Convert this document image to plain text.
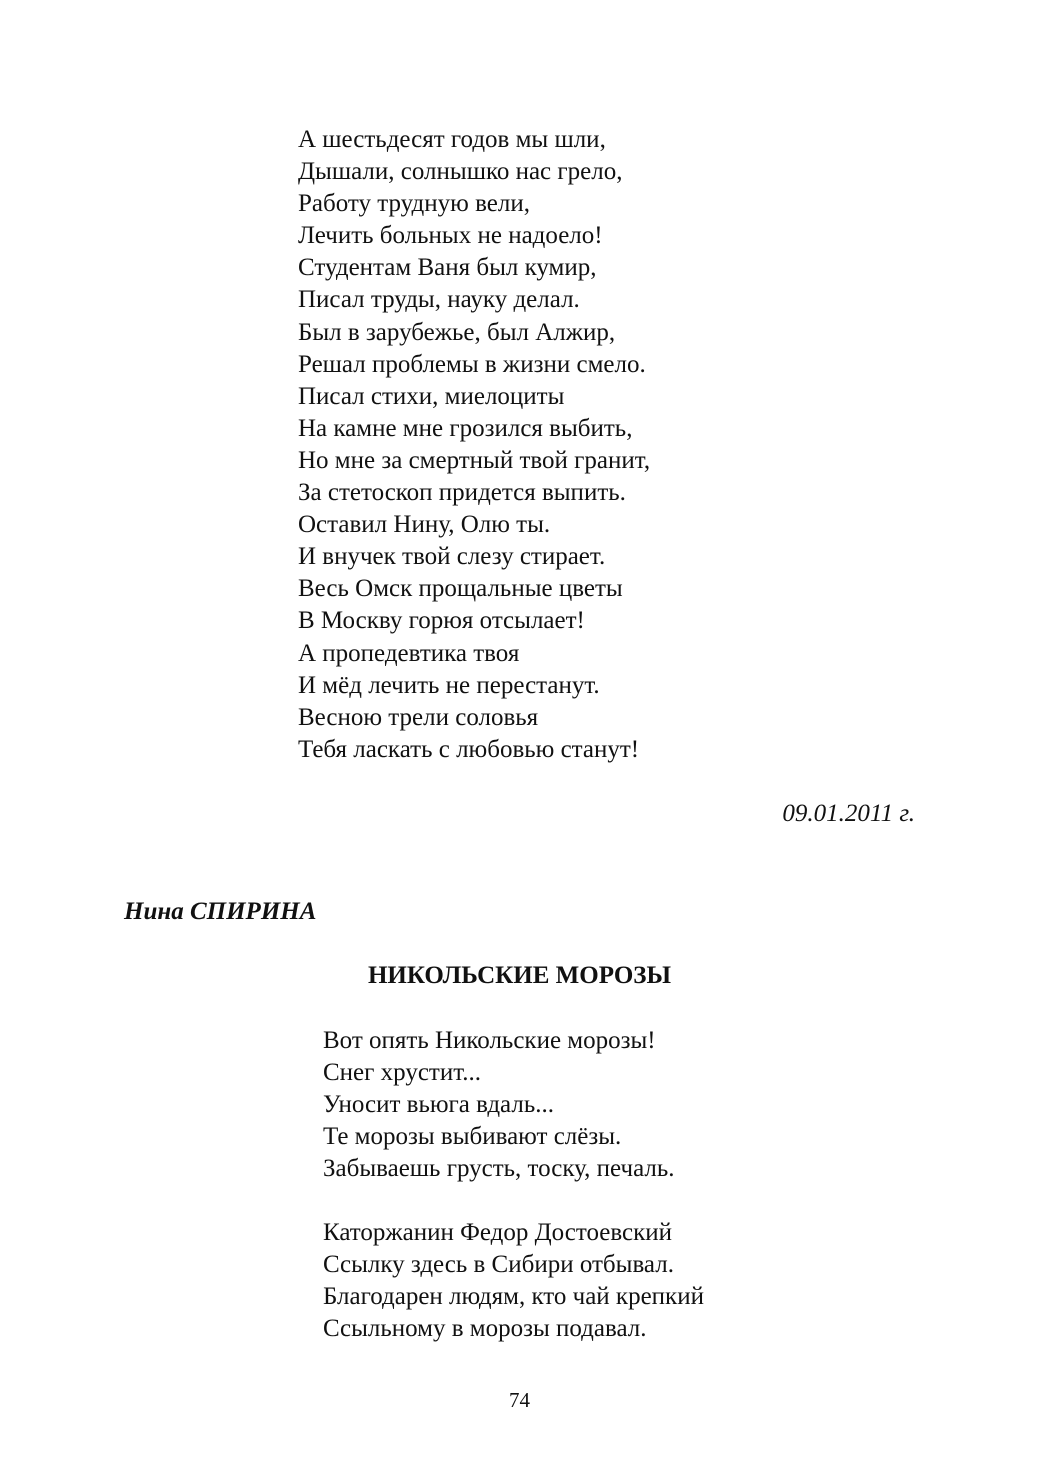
А шестьдесят годов мы шли,
Дышали, солнышко нас грело,
Работу трудную вели,
Лечить больных не надоело!
Студентам Ваня был кумир,
Писал труды, науку делал.
Был в зарубежье, был Алжир,
Решал проблемы в жизни смело.
Писал стихи, миелоциты
На камне мне грозился выбить,
Но мне за смертный твой гранит,
За стетоскоп придется выпить.
Оставил Нину, Олю ты.
И внучек твой слезу стирает.
Весь Омск прощальные цветы
В Москву горюя отсылает!
А пропедевтика твоя
И мёд лечить не перестанут.
Весною трели соловья
Тебя ласкать с любовью станут!
09.01.2011 г.
Нина СПИРИНА
НИКОЛЬСКИЕ МОРОЗЫ
Вот опять Никольские морозы!
Снег хрустит...
Уносит вьюга вдаль...
Те морозы выбивают слёзы.
Забываешь грусть, тоску, печаль.
Каторжанин Федор Достоевский
Ссылку здесь в Сибири отбывал.
Благодарен людям, кто чай крепкий
Ссыльному в морозы подавал.
74
